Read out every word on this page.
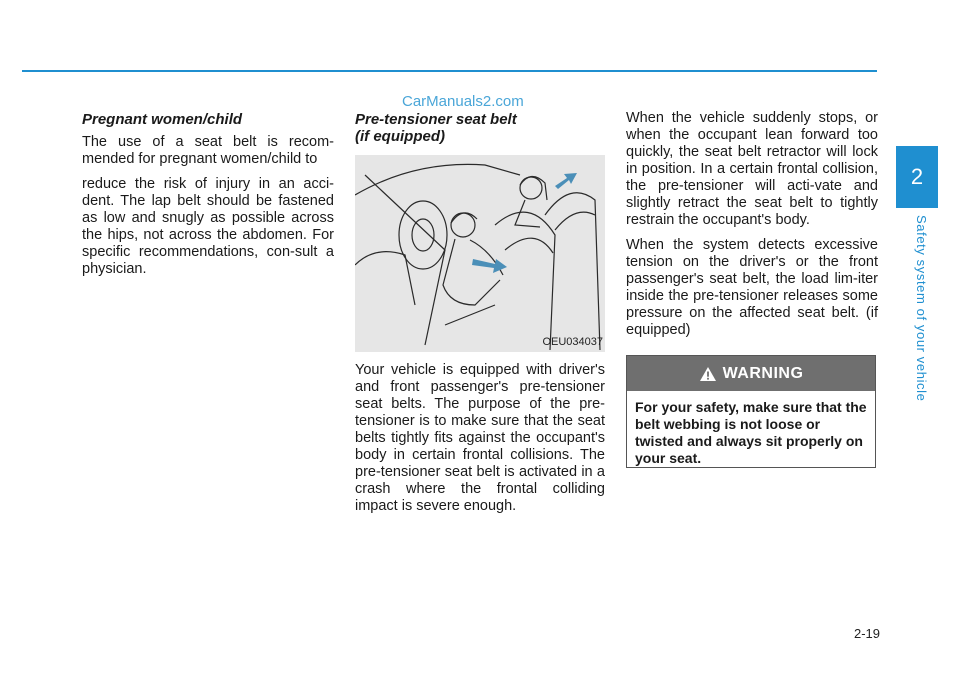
CarManuals2.com
2
Safety system of your vehicle
Pregnant women/child

The use of a seat belt is recom-mended for pregnant women/child to

reduce the risk of injury in an acci-dent. The lap belt should be fastened as low and snugly as possible across the hips, not across the abdomen. For specific recommendations, con-sult a physician.

Pre-tensioner seat belt
(if equipped)
OEU034037

Your vehicle is equipped with driver's and front passenger's pre-tensioner seat belts. The purpose of the pre-tensioner is to make sure that the seat belts tightly fits against the occupant's body in certain frontal collisions. The pre-tensioner seat belt is activated in a crash where the frontal colliding impact is severe enough.

When the vehicle suddenly stops, or when the occupant lean forward too quickly, the seat belt retractor will lock in position. In a certain frontal collision, the pre-tensioner will acti-vate and slightly retract the seat belt to tightly restrain the occupant's body.

When the system detects excessive tension on the driver's or the front passenger's seat belt, the load lim-iter inside the pre-tensioner releases some pressure on the affected seat belt. (if equipped)

WARNING
For your safety, make sure that the belt webbing is not loose or twisted and always sit properly on your seat.
2-19
